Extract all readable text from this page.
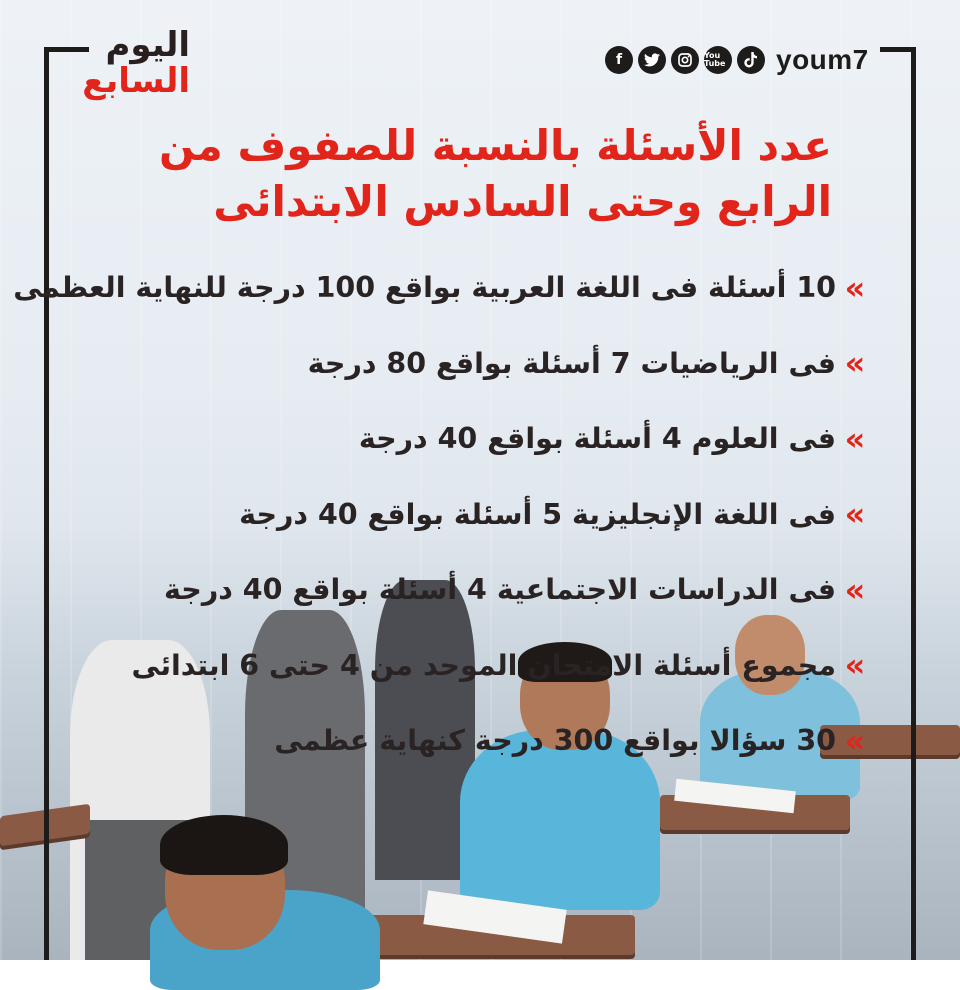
اليوم
السابع
f	You Tube youm7
عدد الأسئلة بالنسبة للصفوف من
الرابع وحتى السادس الابتدائى
»
10 أسئلة فى اللغة العربية بواقع 100 درجة للنهاية العظمى
»
فى الرياضيات 7 أسئلة بواقع 80 درجة
»
فى العلوم 4 أسئلة بواقع 40 درجة
»
فى اللغة الإنجليزية 5 أسئلة بواقع 40 درجة
»
فى الدراسات الاجتماعية 4 أسئلة بواقع 40 درجة
»
مجموع أسئلة الامتحان الموحد من 4 حتى 6 ابتدائى
»
30 سؤالا بواقع 300 درجة كنهاية عظمى
